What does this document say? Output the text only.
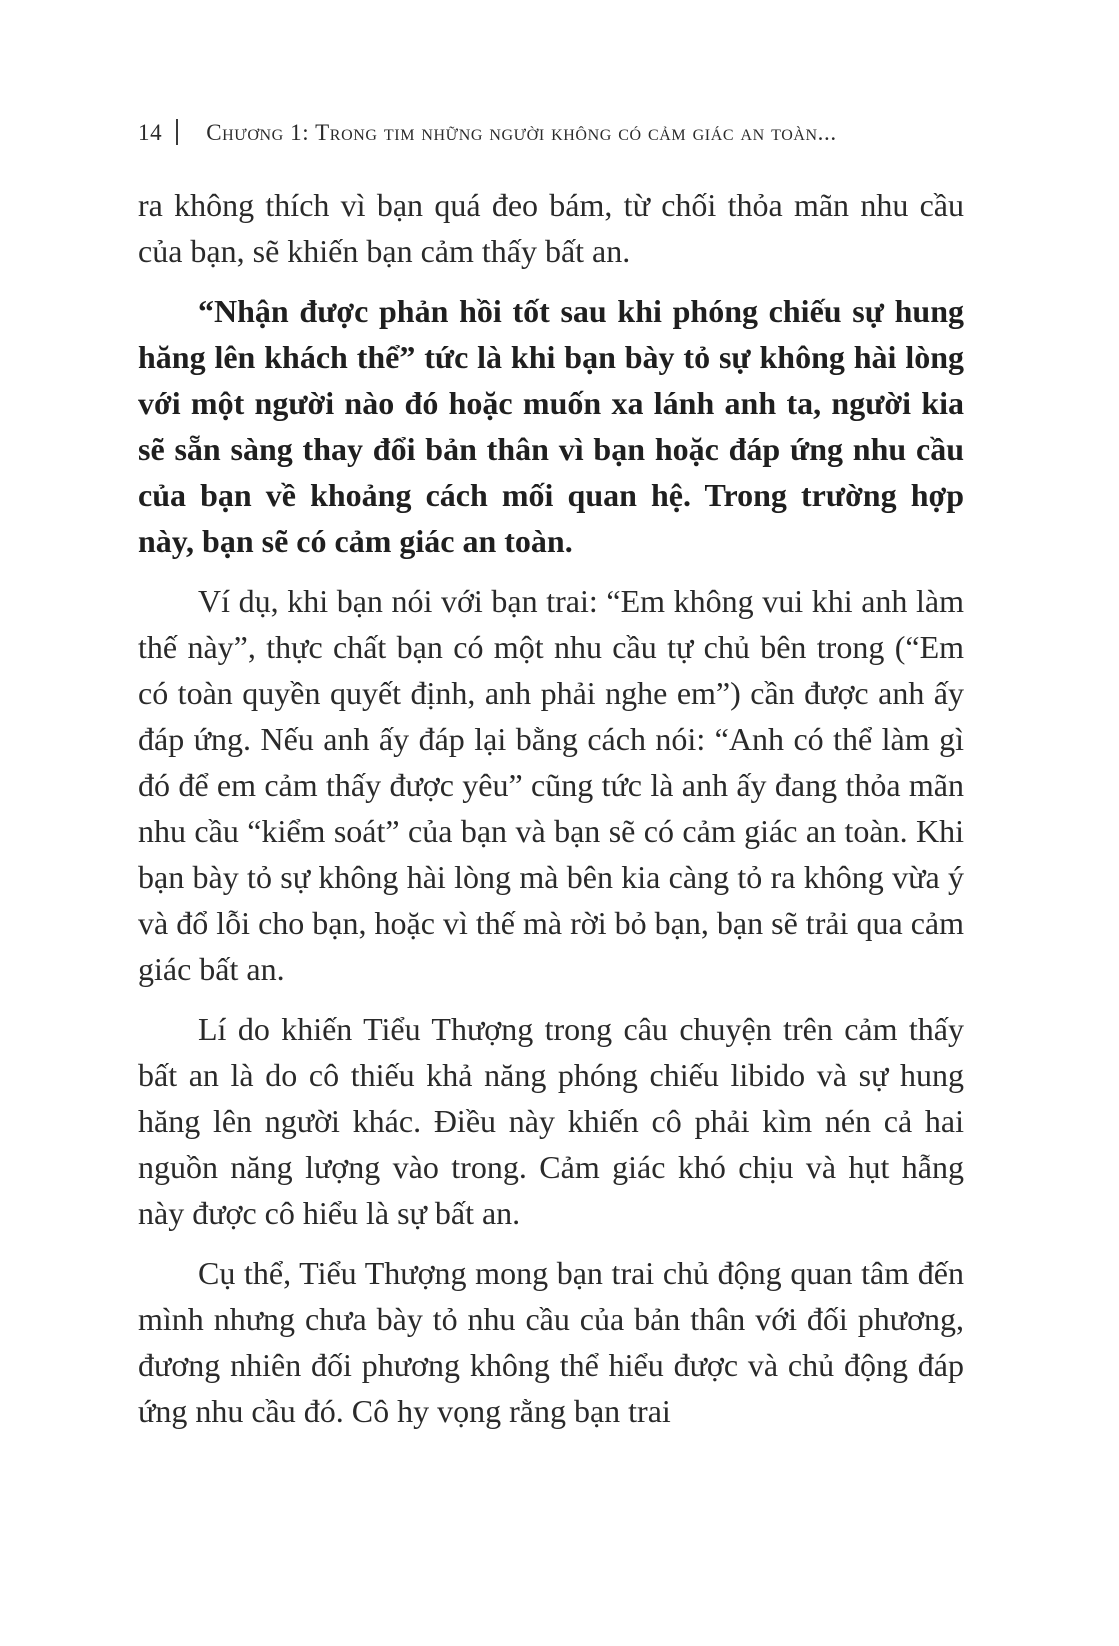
14 Chương 1: Trong tim những người không có cảm giác an toàn...

ra không thích vì bạn quá đeo bám, từ chối thỏa mãn nhu cầu của bạn, sẽ khiến bạn cảm thấy bất an.

“Nhận được phản hồi tốt sau khi phóng chiếu sự hung hăng lên khách thể” tức là khi bạn bày tỏ sự không hài lòng với một người nào đó hoặc muốn xa lánh anh ta, người kia sẽ sẵn sàng thay đổi bản thân vì bạn hoặc đáp ứng nhu cầu của bạn về khoảng cách mối quan hệ. Trong trường hợp này, bạn sẽ có cảm giác an toàn.

Ví dụ, khi bạn nói với bạn trai: “Em không vui khi anh làm thế này”, thực chất bạn có một nhu cầu tự chủ bên trong (“Em có toàn quyền quyết định, anh phải nghe em”) cần được anh ấy đáp ứng. Nếu anh ấy đáp lại bằng cách nói: “Anh có thể làm gì đó để em cảm thấy được yêu” cũng tức là anh ấy đang thỏa mãn nhu cầu “kiểm soát” của bạn và bạn sẽ có cảm giác an toàn. Khi bạn bày tỏ sự không hài lòng mà bên kia càng tỏ ra không vừa ý và đổ lỗi cho bạn, hoặc vì thế mà rời bỏ bạn, bạn sẽ trải qua cảm giác bất an.

Lí do khiến Tiểu Thượng trong câu chuyện trên cảm thấy bất an là do cô thiếu khả năng phóng chiếu libido và sự hung hăng lên người khác. Điều này khiến cô phải kìm nén cả hai nguồn năng lượng vào trong. Cảm giác khó chịu và hụt hẫng này được cô hiểu là sự bất an.

Cụ thể, Tiểu Thượng mong bạn trai chủ động quan tâm đến mình nhưng chưa bày tỏ nhu cầu của bản thân với đối phương, đương nhiên đối phương không thể hiểu được và chủ động đáp ứng nhu cầu đó. Cô hy vọng rằng bạn trai
